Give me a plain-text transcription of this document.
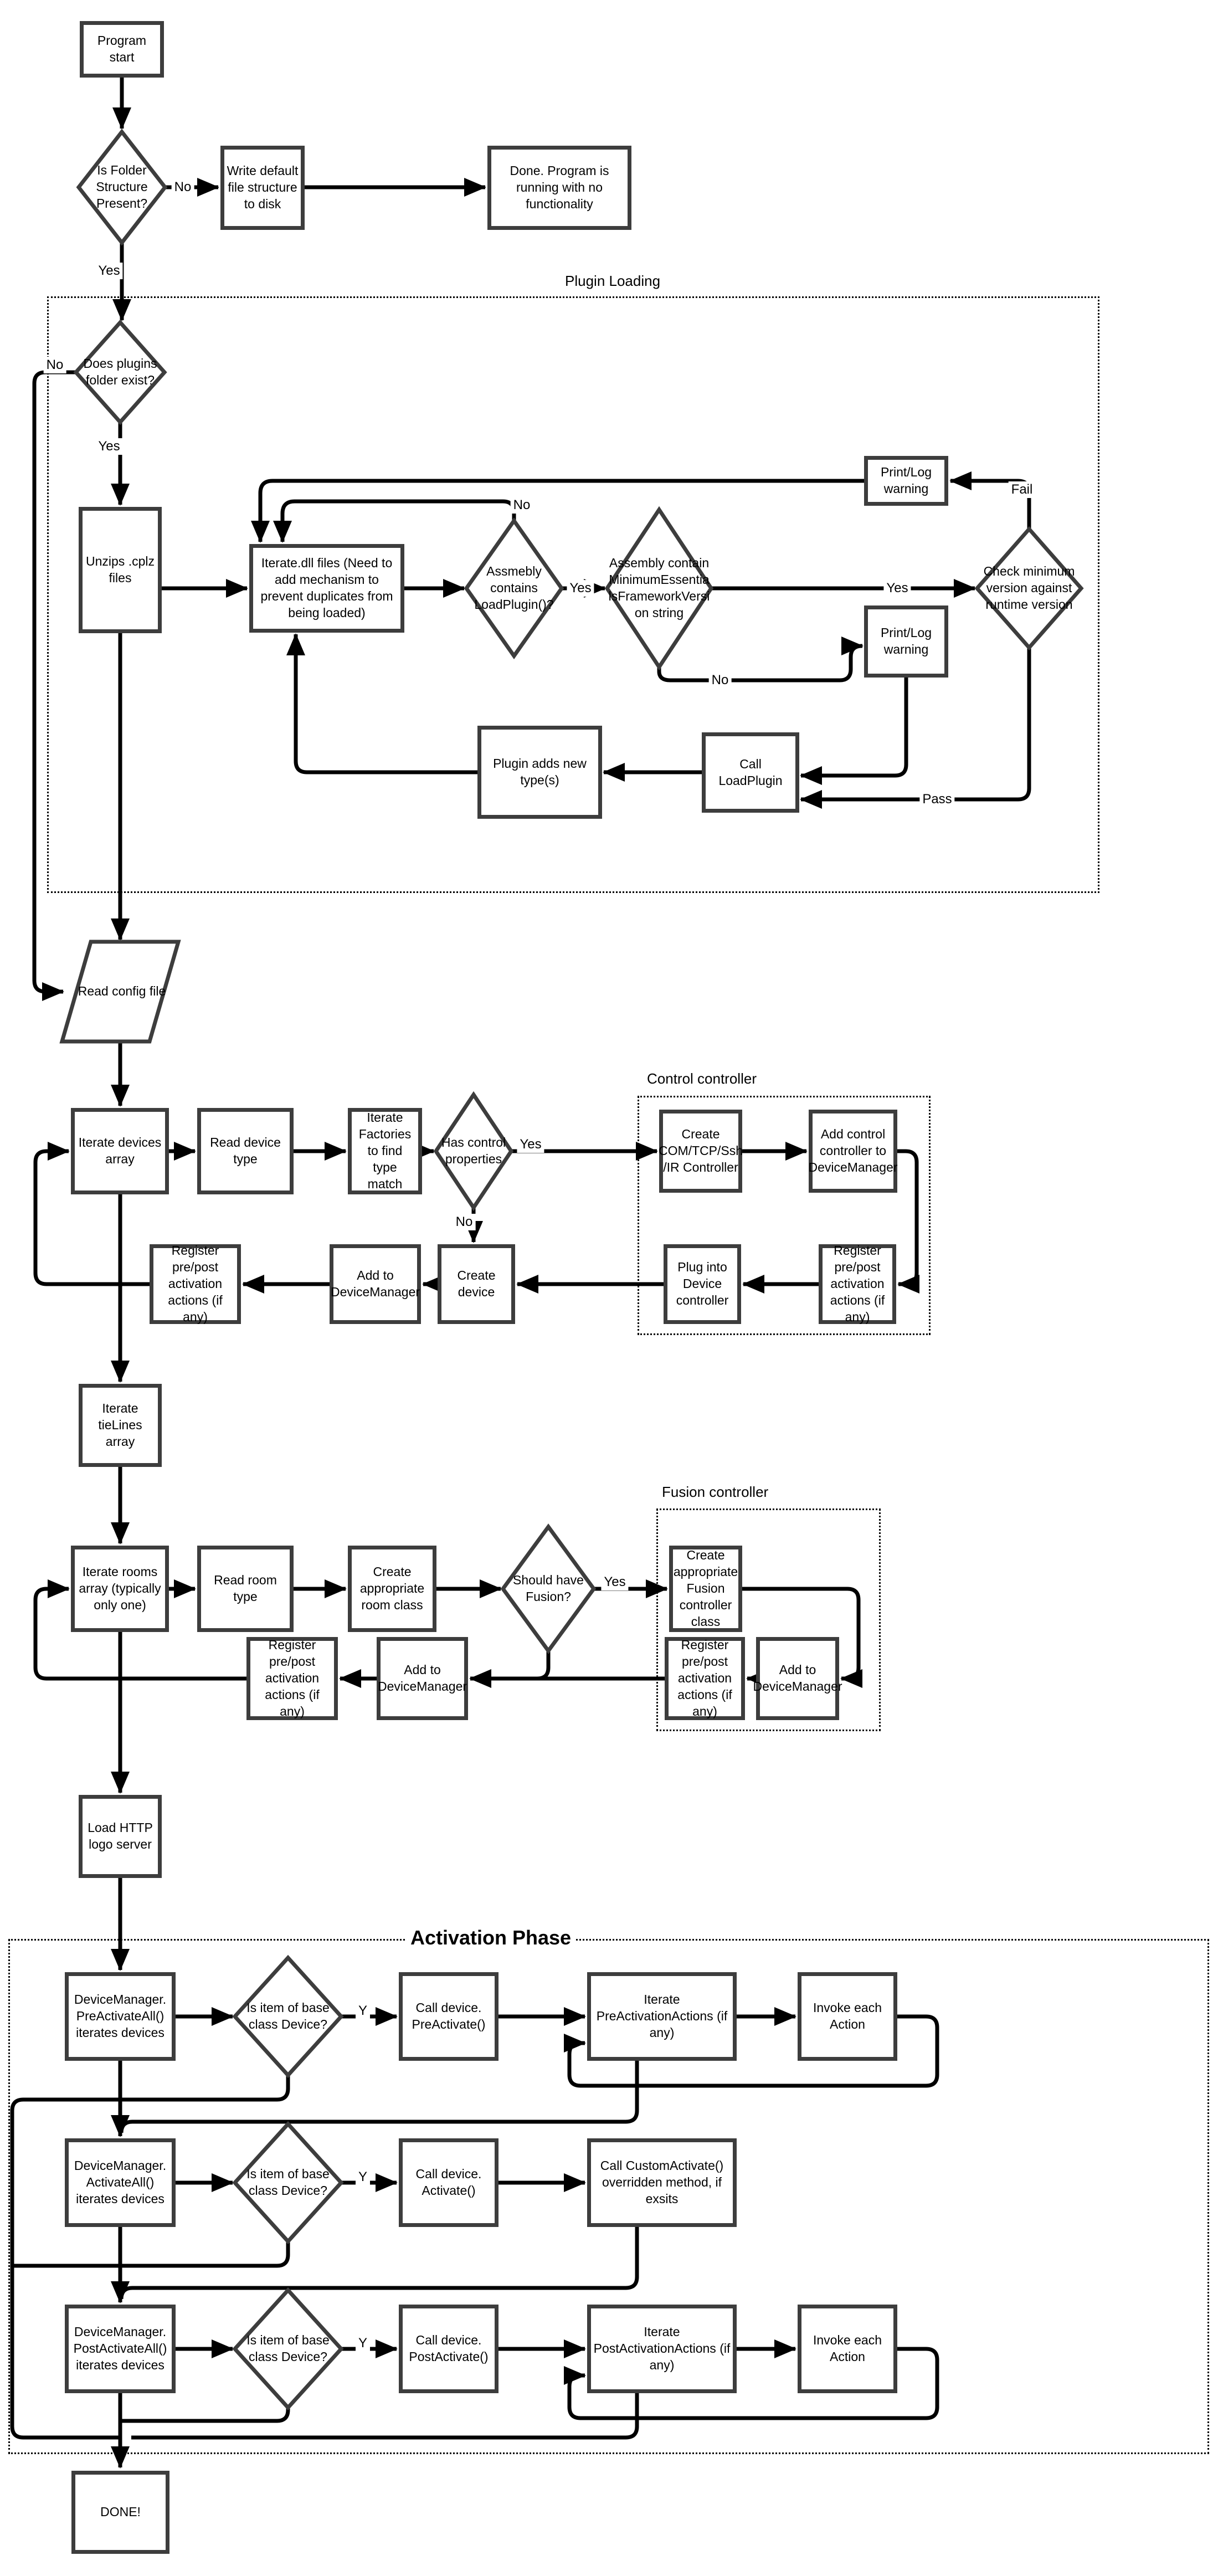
Plugin Loading
Control controller
Fusion controller
Activation Phase
Program start
Write default file structure to disk
Done. Program is running with no functionality
Unzips .cplz files
Iterate.dll files (Need to add mechanism to prevent duplicates from being loaded)
Print/Log warning
Print/Log warning
Call LoadPlugin
Plugin adds new type(s)
Iterate devices array
Read device type
Iterate Factories to find type match
Create COM/TCP/Ssh /IR Controller
Add control controller to DeviceManager
Register pre/post activation actions (if any)
Plug into Device controller
Create device
Add to DeviceManager
Register pre/post activation actions (if any)
Iterate tieLines array
Iterate rooms array (typically only one)
Read room type
Create appropriate room class
Create appropriate Fusion controller class
Add to DeviceManager
Register pre/post activation actions (if any)
Add to DeviceManager
Register pre/post activation actions (if any)
Load HTTP logo server
DeviceManager. PreActivateAll() iterates devices
Call device. PreActivate()
Iterate PreActivationActions (if any)
Invoke each Action
DeviceManager. ActivateAll() iterates devices
Call device. Activate()
Call CustomActivate() overridden method, if exsits
DeviceManager. PostActivateAll() iterates devices
Call device. PostActivate()
Iterate PostActivationActions (if any)
Invoke each Action
DONE!
Is Folder Structure Present?
Does plugins folder exist?
Assmebly contains LoadPlugin()?
Assembly contain MinimumEssentialsFrameworkVersion string
Check minimum version against runtime version
Has control properties
Should have Fusion?
Is item of base class Device?
Is item of base class Device?
Is item of base class Device?
Read config file
No
Yes
No
Yes
No
Yes	Yes
No
Fail
Pass
Yes
No
Yes
Y
Y
Y
